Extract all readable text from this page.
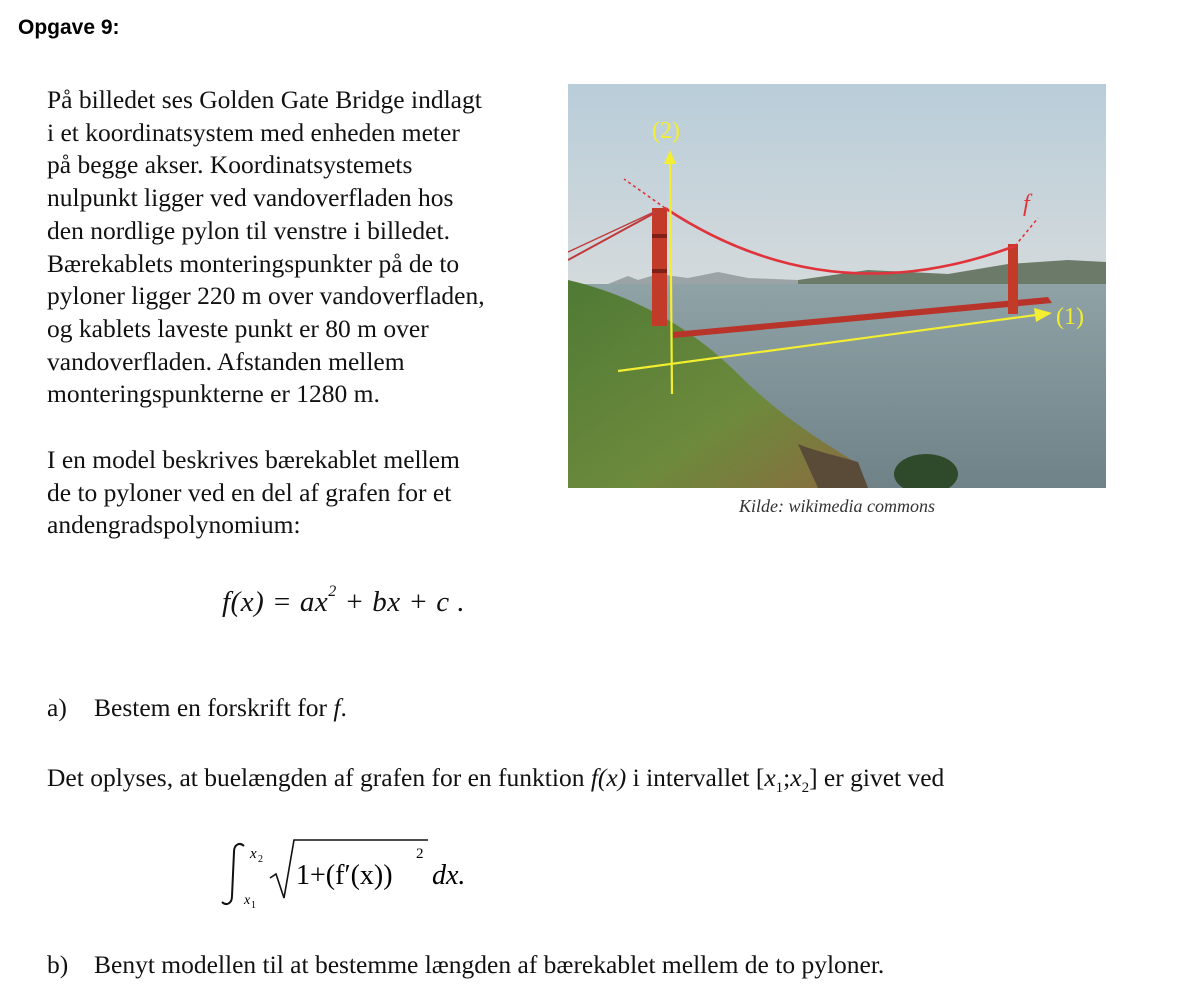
Opgave 9:

På billedet ses Golden Gate Bridge indlagt
i et koordinatsystem med enheden meter
på begge akser. Koordinatsystemets
nulpunkt ligger ved vandoverfladen hos
den nordlige pylon til venstre i billedet.
Bærekablets monteringspunkter på de to
pyloner ligger 220 m over vandoverfladen,
og kablets laveste punkt er 80 m over
vandoverfladen. Afstanden mellem
monteringspunkterne er 1280 m.

I en model beskrives bærekablet mellem
de to pyloner ved en del af grafen for et
andengradspolynomium:

f
(2)
(1)
Kilde: wikimedia commons
$f(x) = ax^2$ + bx + c .
a) Bestem en forskrift for f.
Det oplyses, at buelængden af grafen for en funktion f(x) i intervallet $[x_1;x_2]$ er givet ved
x 2
x 1
1+(f′(x))
2
dx.
b) Benyt modellen til at bestemme længden af bærekablet mellem de to pyloner.
